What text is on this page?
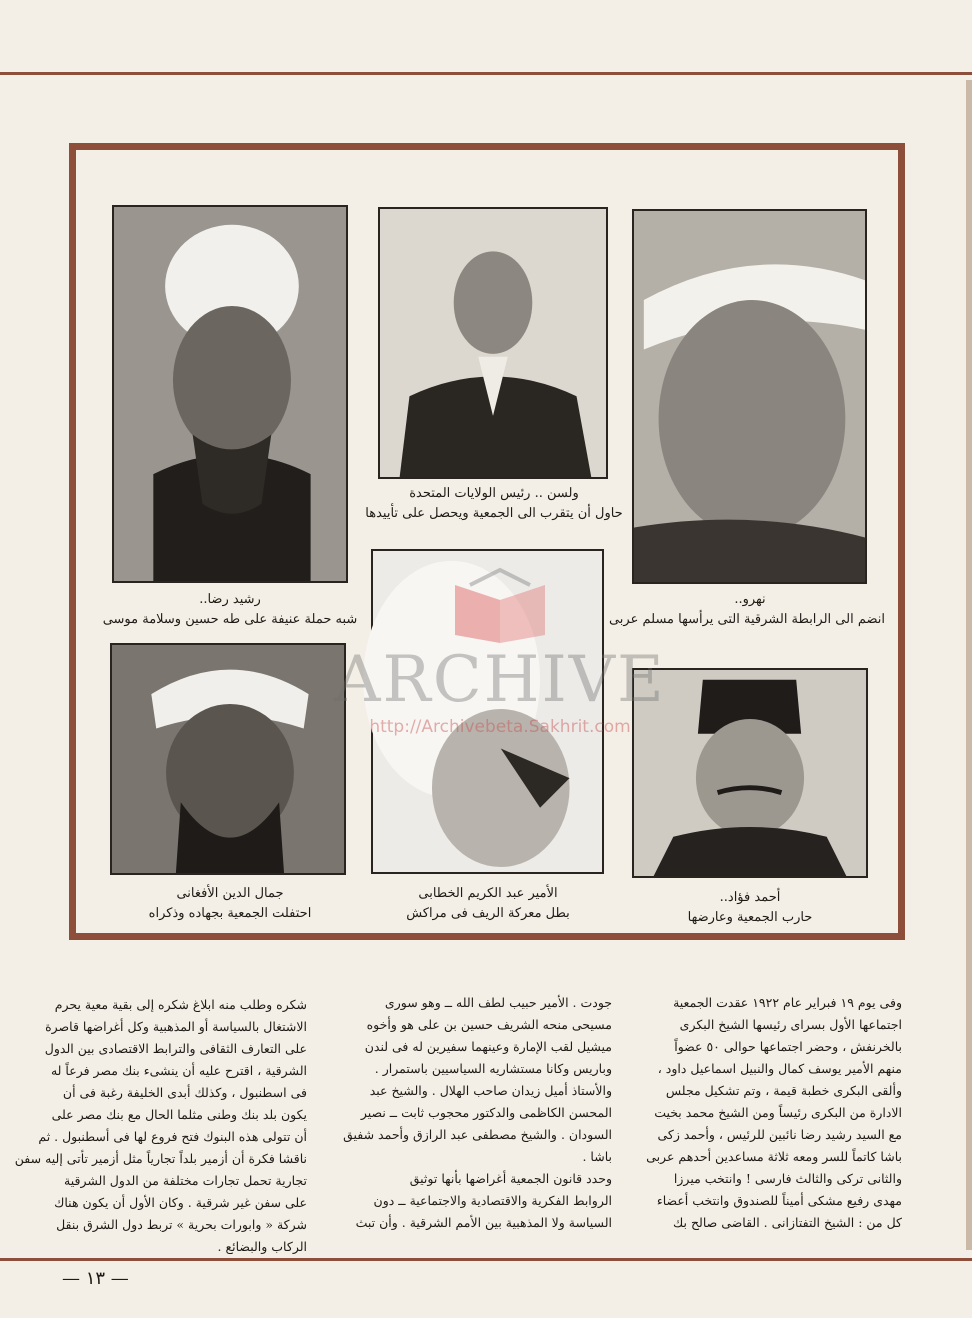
رشيد رضا..
شبه حملة عنيفة على طه حسين وسلامة موسى
ولسن .. رئيس الولايات المتحدة
حاول أن يتقرب الى الجمعية ويحصل على تأييدها
نهرو..
انضم الى الرابطة الشرقية التى يرأسها مسلم عربى
جمال الدين الأفغانى
احتفلت الجمعية بجهاده وذكراه
الأمير عبد الكريم الخطابى
بطل معركة الريف فى مراكش
أحمد فؤاد..
حارب الجمعية وعارضها
ARCHIVE
http://Archivebeta.Sakhrit.com
وفى يوم ١٩ فبراير عام ١٩٢٢ عقدت الجمعية
اجتماعها الأول بسراى رئيسها الشيخ البكرى
بالخرنفش ، وحضر اجتماعها حوالى ٥٠ عضواً
منهم الأمير يوسف كمال والنبيل اسماعيل داود ،
وألقى البكرى خطبة قيمة ، وتم تشكيل مجلس
الادارة من البكرى رئيساً ومن الشيخ محمد بخيت
مع السيد رشيد رضا نائبين للرئيس ، وأحمد زكى
باشا كاتماً للسر ومعه ثلاثة مساعدين أحدهم عربى
والثانى تركى والثالث فارسى ! وانتخب ميرزا
مهدى رفيع مشكى أميناً للصندوق وانتخب أعضاء
كل من : الشيخ التفتازانى . القاضى صالح بك
جودت . الأمير حبيب لطف الله ــ وهو سورى
مسيحى منحه الشريف حسين بن على هو وأخوه
ميشيل لقب الإمارة وعينهما سفيرين له فى لندن
وباريس وكانا مستشاريه السياسيين باستمرار .
والأستاذ أميل زيدان صاحب الهلال . والشيخ عبد
المحسن الكاظمى والدكتور محجوب ثابت ــ نصير
السودان . والشيخ مصطفى عبد الرازق وأحمد شفيق
باشا .
وحدد قانون الجمعية أغراضها بأنها توثيق
الروابط الفكرية والاقتصادية والاجتماعية ــ دون
السياسة ولا المذهبية بين الأمم الشرقية . وأن تبث
شكره وطلب منه ابلاغ شكره إلى بقية معية يحرم
الاشتغال بالسياسة أو المذهبية وكل أغراضها قاصرة
على التعارف الثقافى والترابط الاقتصادى بين الدول
الشرقية ، اقترح عليه أن ينشىء بنك مصر فرعاً له
فى اسطنبول ، وكذلك أبدى الخليفة رغبة فى أن
يكون بلد بنك وطنى مثلما الحال مع بنك مصر على
أن تتولى هذه البنوك فتح فروع لها فى أسطنبول . ثم
ناقشا فكرة أن أزمير بلداً تجارياً مثل أزمير تأتى إليه سفن
تجارية تحمل تجارات مختلفة من الدول الشرقية
على سفن غير شرقية . وكان الأول أن يكون هناك
شركة « وابورات بحرية » تربط دول الشرق بنقل
الركاب والبضائع .
— ١٣ —
